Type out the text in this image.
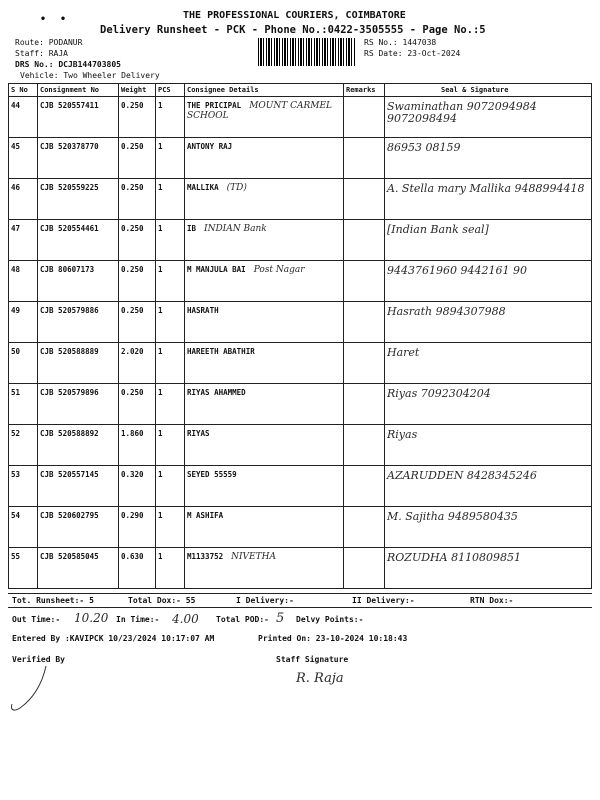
• •	THE PROFESSIONAL COURIERS, COIMBATORE
Delivery Runsheet - PCK - Phone No.:0422-3505555 - Page No.:5
Route: PODANUR
Staff: RAJA
DRS No.: DCJB144703805
Vehicle: Two Wheeler Delivery
RS No.: 1447038
RS Date: 23-Oct-2024
S No	Consignment No	Weight	PCS	Consignee Details	Remarks	Seal & Signature
44	CJB 520557411	0.250	1	THE PRICIPAL MOUNT CARMEL SCHOOL		Swaminathan 9072094984 9072098494
45	CJB 520378770	0.250	1	ANTONY RAJ		86953 08159
46	CJB 520559225	0.250	1	MALLIKA (TD)		A. Stella mary Mallika 9488994418
47	CJB 520554461	0.250	1	IB INDIAN Bank		[Indian Bank seal]
48	CJB 80607173	0.250	1	M MANJULA BAI Post Nagar		9443761960 9442161 90
49	CJB 520579886	0.250	1	HASRATH		Hasrath 9894307988
50	CJB 520588889	2.020	1	HAREETH ABATHIR		Haret
51	CJB 520579896	0.250	1	RIYAS AHAMMED		Riyas 7092304204
52	CJB 520588892	1.860	1	RIYAS		Riyas
53	CJB 520557145	0.320	1	SEYED 55559		AZARUDDEN 8428345246
54	CJB 520602795	0.290	1	M ASHIFA		M. Sajitha 9489580435
55	CJB 520585045	0.630	1	M1133752 NIVETHA		ROZUDHA 8110809851
Tot. Runsheet:- 5	Total Dox:- 55	I Delivery:-	II Delivery:-	RTN Dox:-
Out Time:- 10.20 In Time:- 4.00 Total POD:- 5 Delvy Points:-
Entered By :KAVIPCK 10/23/2024 10:17:07 AM	Printed On: 23-10-2024 10:18:43
Verified By	Staff Signature
R. Raja
